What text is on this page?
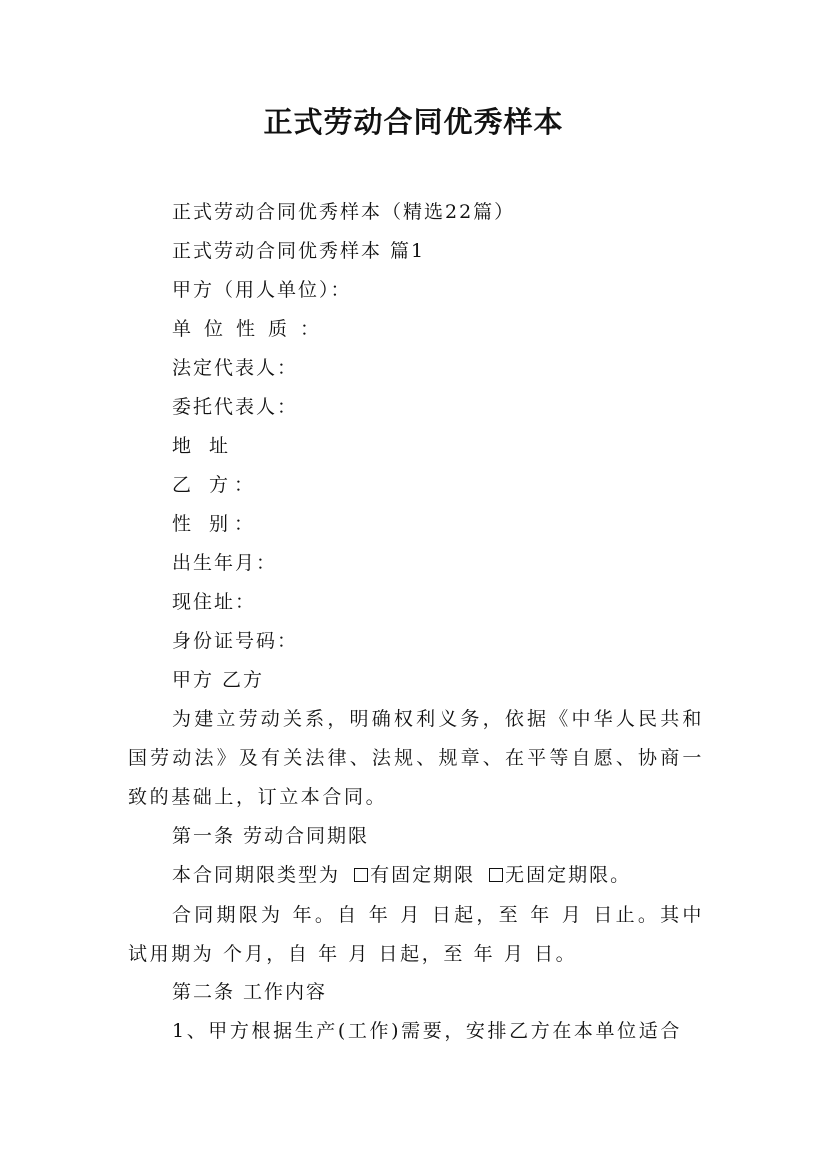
正式劳动合同优秀样本
正式劳动合同优秀样本（精选22篇）
正式劳动合同优秀样本 篇1
甲方（用人单位）：
单位性质：
法定代表人：
委托代表人：
地 址
乙 方：
性 别：
出生年月：
现住址：
身份证号码：
甲方 乙方
为建立劳动关系，明确权利义务，依据《中华人民共和国劳动法》及有关法律、法规、规章、在平等自愿、协商一致的基础上，订立本合同。
第一条 劳动合同期限
本合同期限类型为 有固定期限 无固定期限。
合同期限为 年。自 年 月 日起，至 年 月 日止。其中试用期为 个月，自 年 月 日起，至 年 月 日。
第二条 工作内容
1、甲方根据生产(工作)需要，安排乙方在本单位适合
